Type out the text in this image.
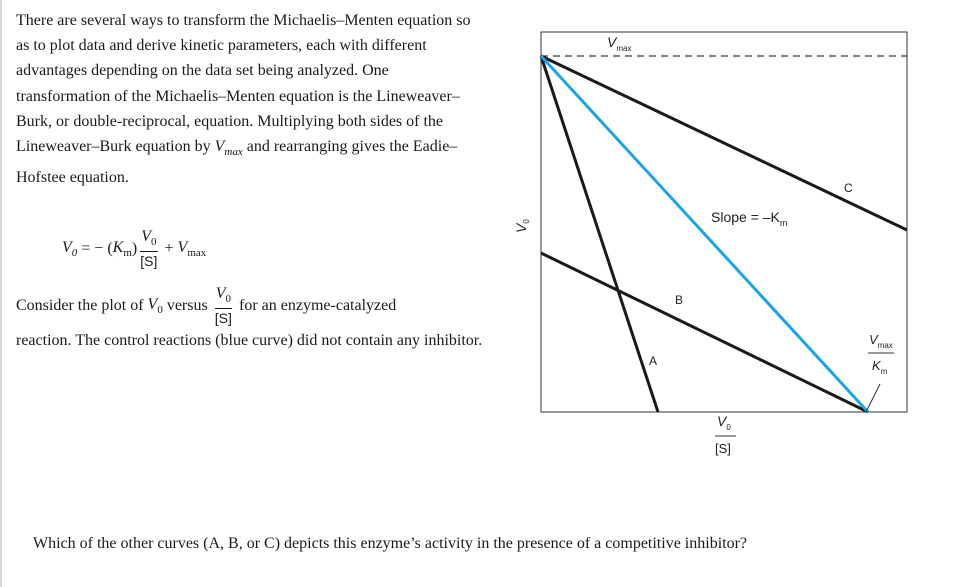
There are several ways to transform the Michaelis–Menten equation so as to plot data and derive kinetic parameters, each with different advantages depending on the data set being analyzed. One transformation of the Michaelis–Menten equation is the Lineweaver–Burk, or double-reciprocal, equation. Multiplying both sides of the Lineweaver–Burk equation by $V_{max}$ and rearranging gives the Eadie–Hofstee equation.

$V_0$ = − ( $K_m$ ) $\frac{V_0}{[S]} + V_{max}$
Consider the plot of $V_0$ versus $\frac{V_0}{[S]}$ for an enzyme-catalyzed

reaction. The control reactions (blue curve) did not contain any inhibitor.

$V_{max}$
A
B
C
Slope = $-K_m$
$V_0$
$V_0$
[S]
$V_{max}$
$K_m$
Which of the other curves (A, B, or C) depicts this enzyme’s activity in the presence of a competitive inhibitor?
